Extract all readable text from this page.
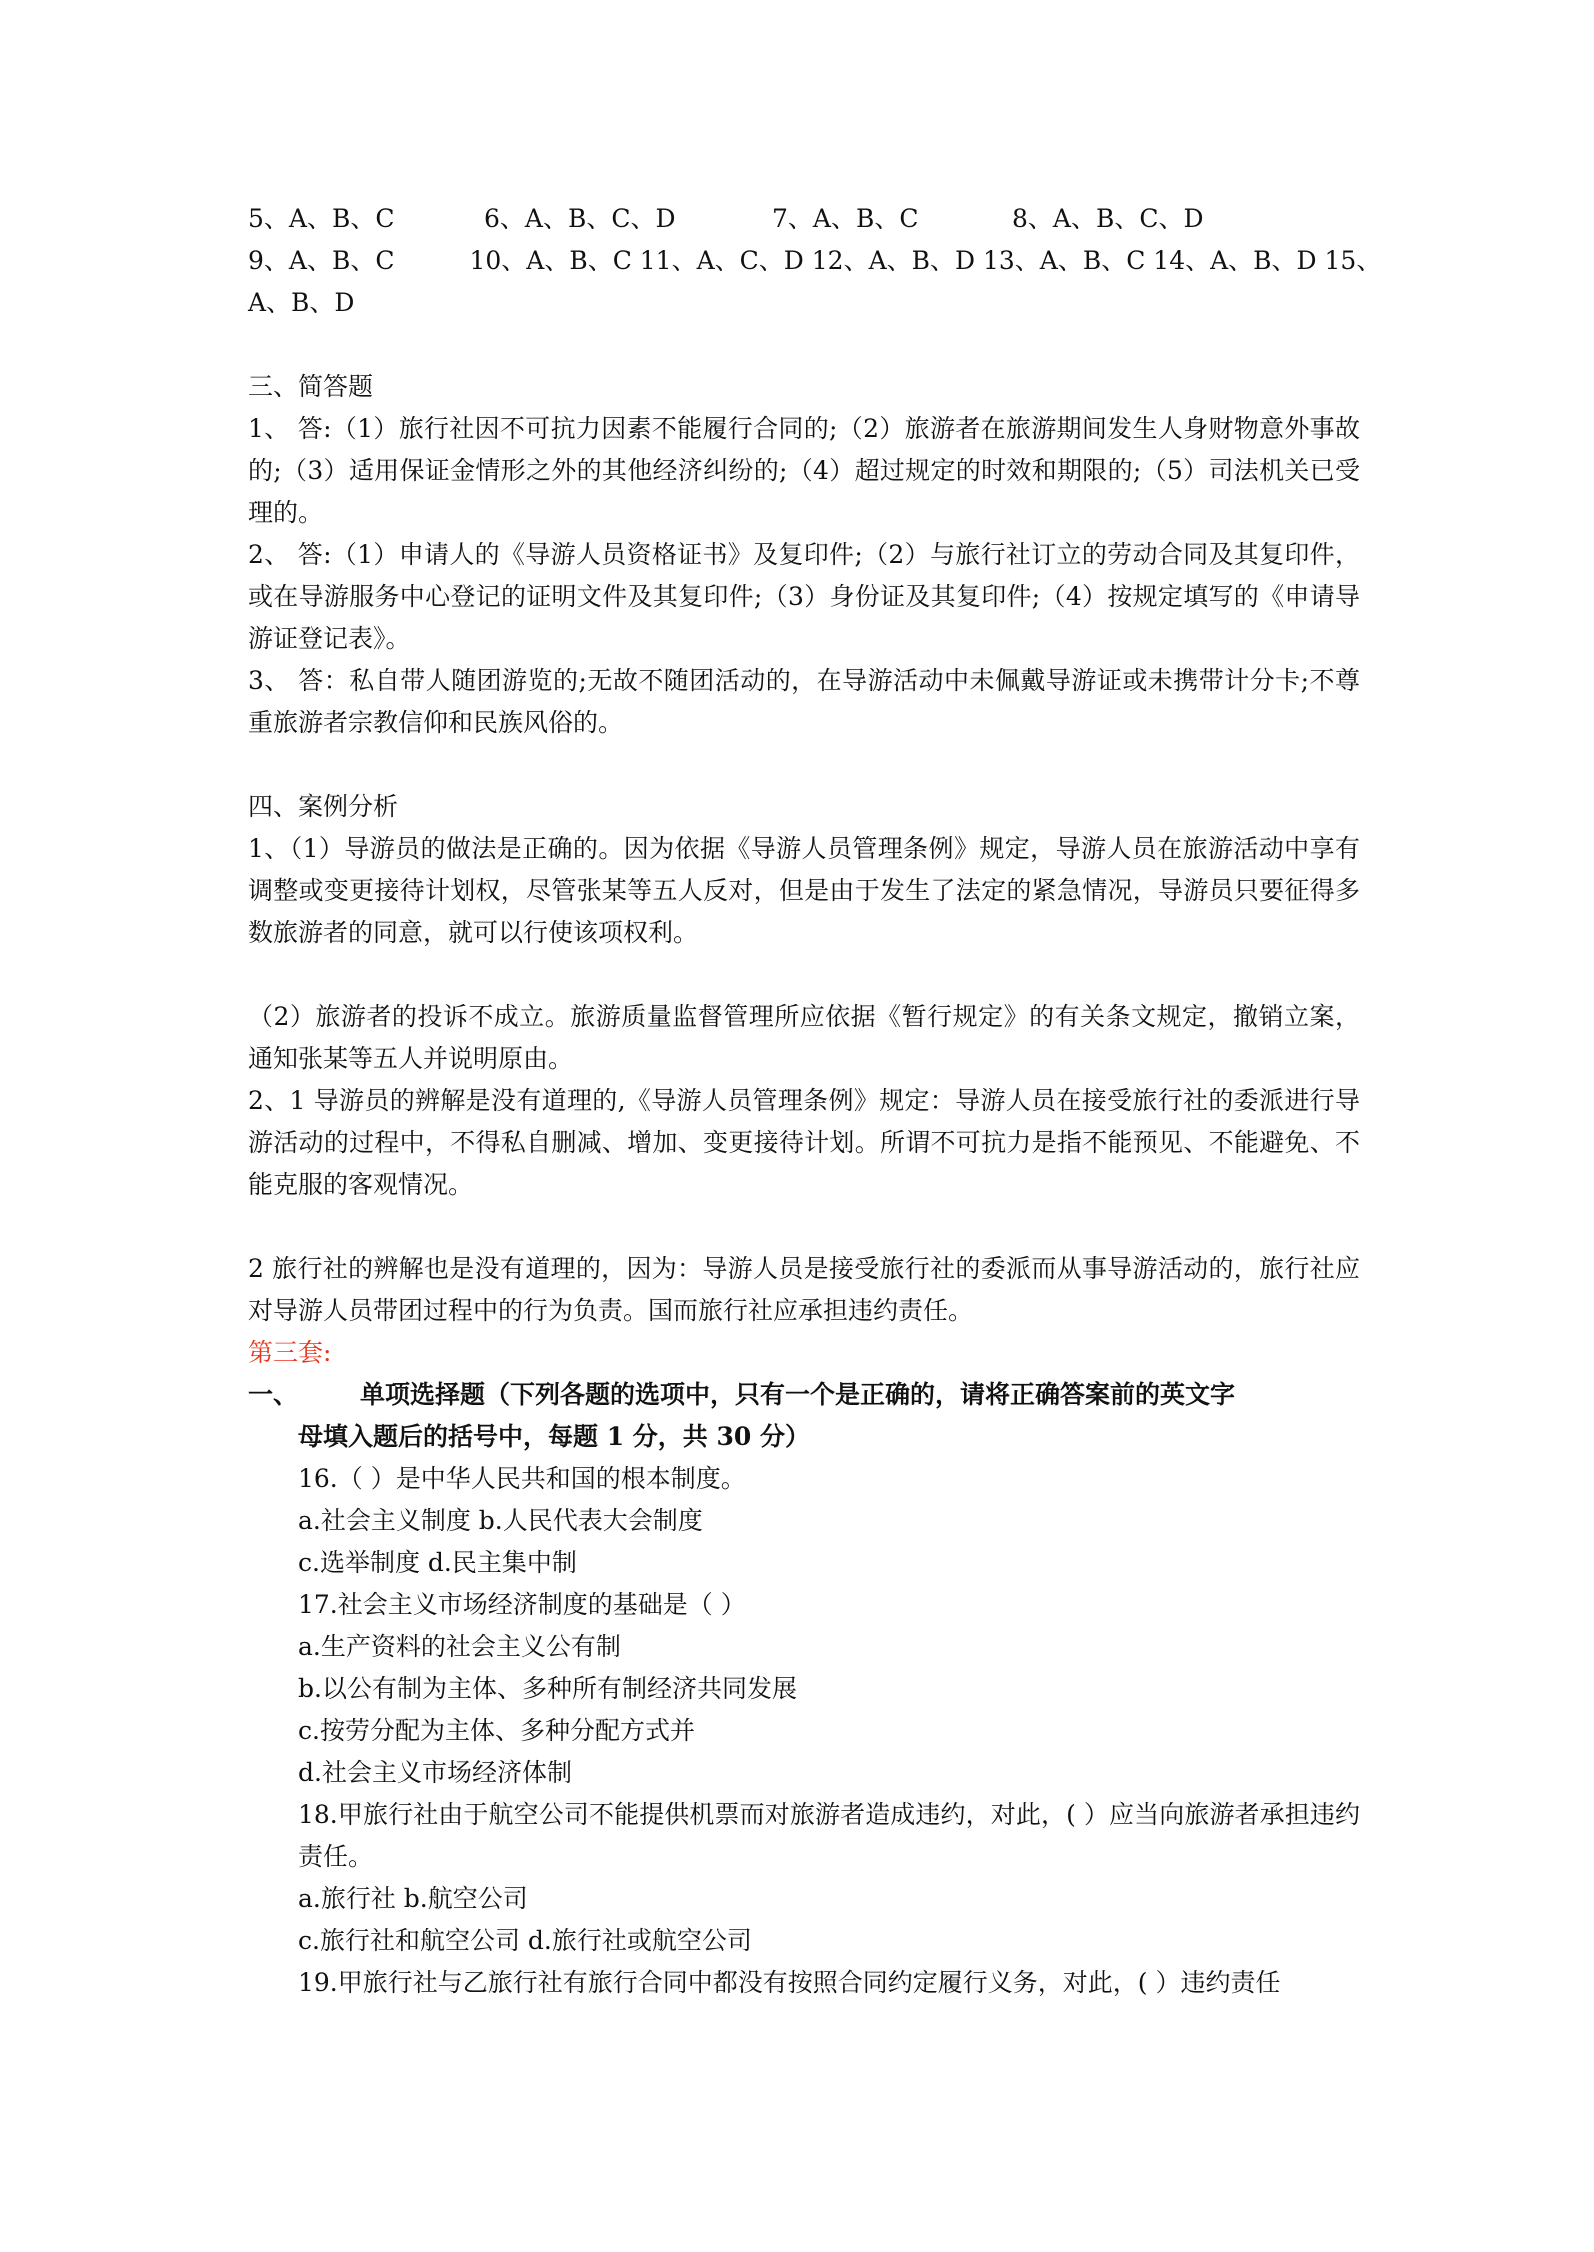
5、A、B、C	6、A、B、C、D	7、A、B、C	8、A、B、C、D
9、A、B、C　　　10、A、B、C 11、A、C、D 12、A、B、D 13、A、B、C 14、A、B、D 15、
A、B、D
三、简答题
1、 答:（1）旅行社因不可抗力因素不能履行合同的;（2）旅游者在旅游期间发生人身财物意外事故的;（3）适用保证金情形之外的其他经济纠纷的;（4）超过规定的时效和期限的;（5）司法机关已受理的。
2、 答:（1）申请人的《导游人员资格证书》及复印件;（2）与旅行社订立的劳动合同及其复印件，或在导游服务中心登记的证明文件及其复印件;（3）身份证及其复印件;（4）按规定填写的《申请导游证登记表》。
3、 答：私自带人随团游览的;无故不随团活动的，在导游活动中未佩戴导游证或未携带计分卡;不尊重旅游者宗教信仰和民族风俗的。
四、案例分析
1、（1）导游员的做法是正确的。因为依据《导游人员管理条例》规定，导游人员在旅游活动中享有调整或变更接待计划权，尽管张某等五人反对，但是由于发生了法定的紧急情况，导游员只要征得多数旅游者的同意，就可以行使该项权利。
（2）旅游者的投诉不成立。旅游质量监督管理所应依据《暂行规定》的有关条文规定，撤销立案，通知张某等五人并说明原由。
2、1 导游员的辨解是没有道理的,《导游人员管理条例》规定：导游人员在接受旅行社的委派进行导游活动的过程中，不得私自删减、增加、变更接待计划。所谓不可抗力是指不能预见、不能避免、不能克服的客观情况。
2 旅行社的辨解也是没有道理的，因为：导游人员是接受旅行社的委派而从事导游活动的，旅行社应对导游人员带团过程中的行为负责。国而旅行社应承担违约责任。
第三套:
一、	单项选择题（下列各题的选项中，只有一个是正确的，请将正确答案前的英文字
母填入题后的括号中，每题 1 分，共 30 分）
16.（ ）是中华人民共和国的根本制度。
a.社会主义制度 b.人民代表大会制度
c.选举制度 d.民主集中制
17.社会主义市场经济制度的基础是（ ）
a.生产资料的社会主义公有制
b.以公有制为主体、多种所有制经济共同发展
c.按劳分配为主体、多种分配方式并
d.社会主义市场经济体制
18.甲旅行社由于航空公司不能提供机票而对旅游者造成违约，对此，( ）应当向旅游者承担违约责任。
a.旅行社 b.航空公司
c.旅行社和航空公司 d.旅行社或航空公司
19.甲旅行社与乙旅行社有旅行合同中都没有按照合同约定履行义务，对此，( ）违约责任
